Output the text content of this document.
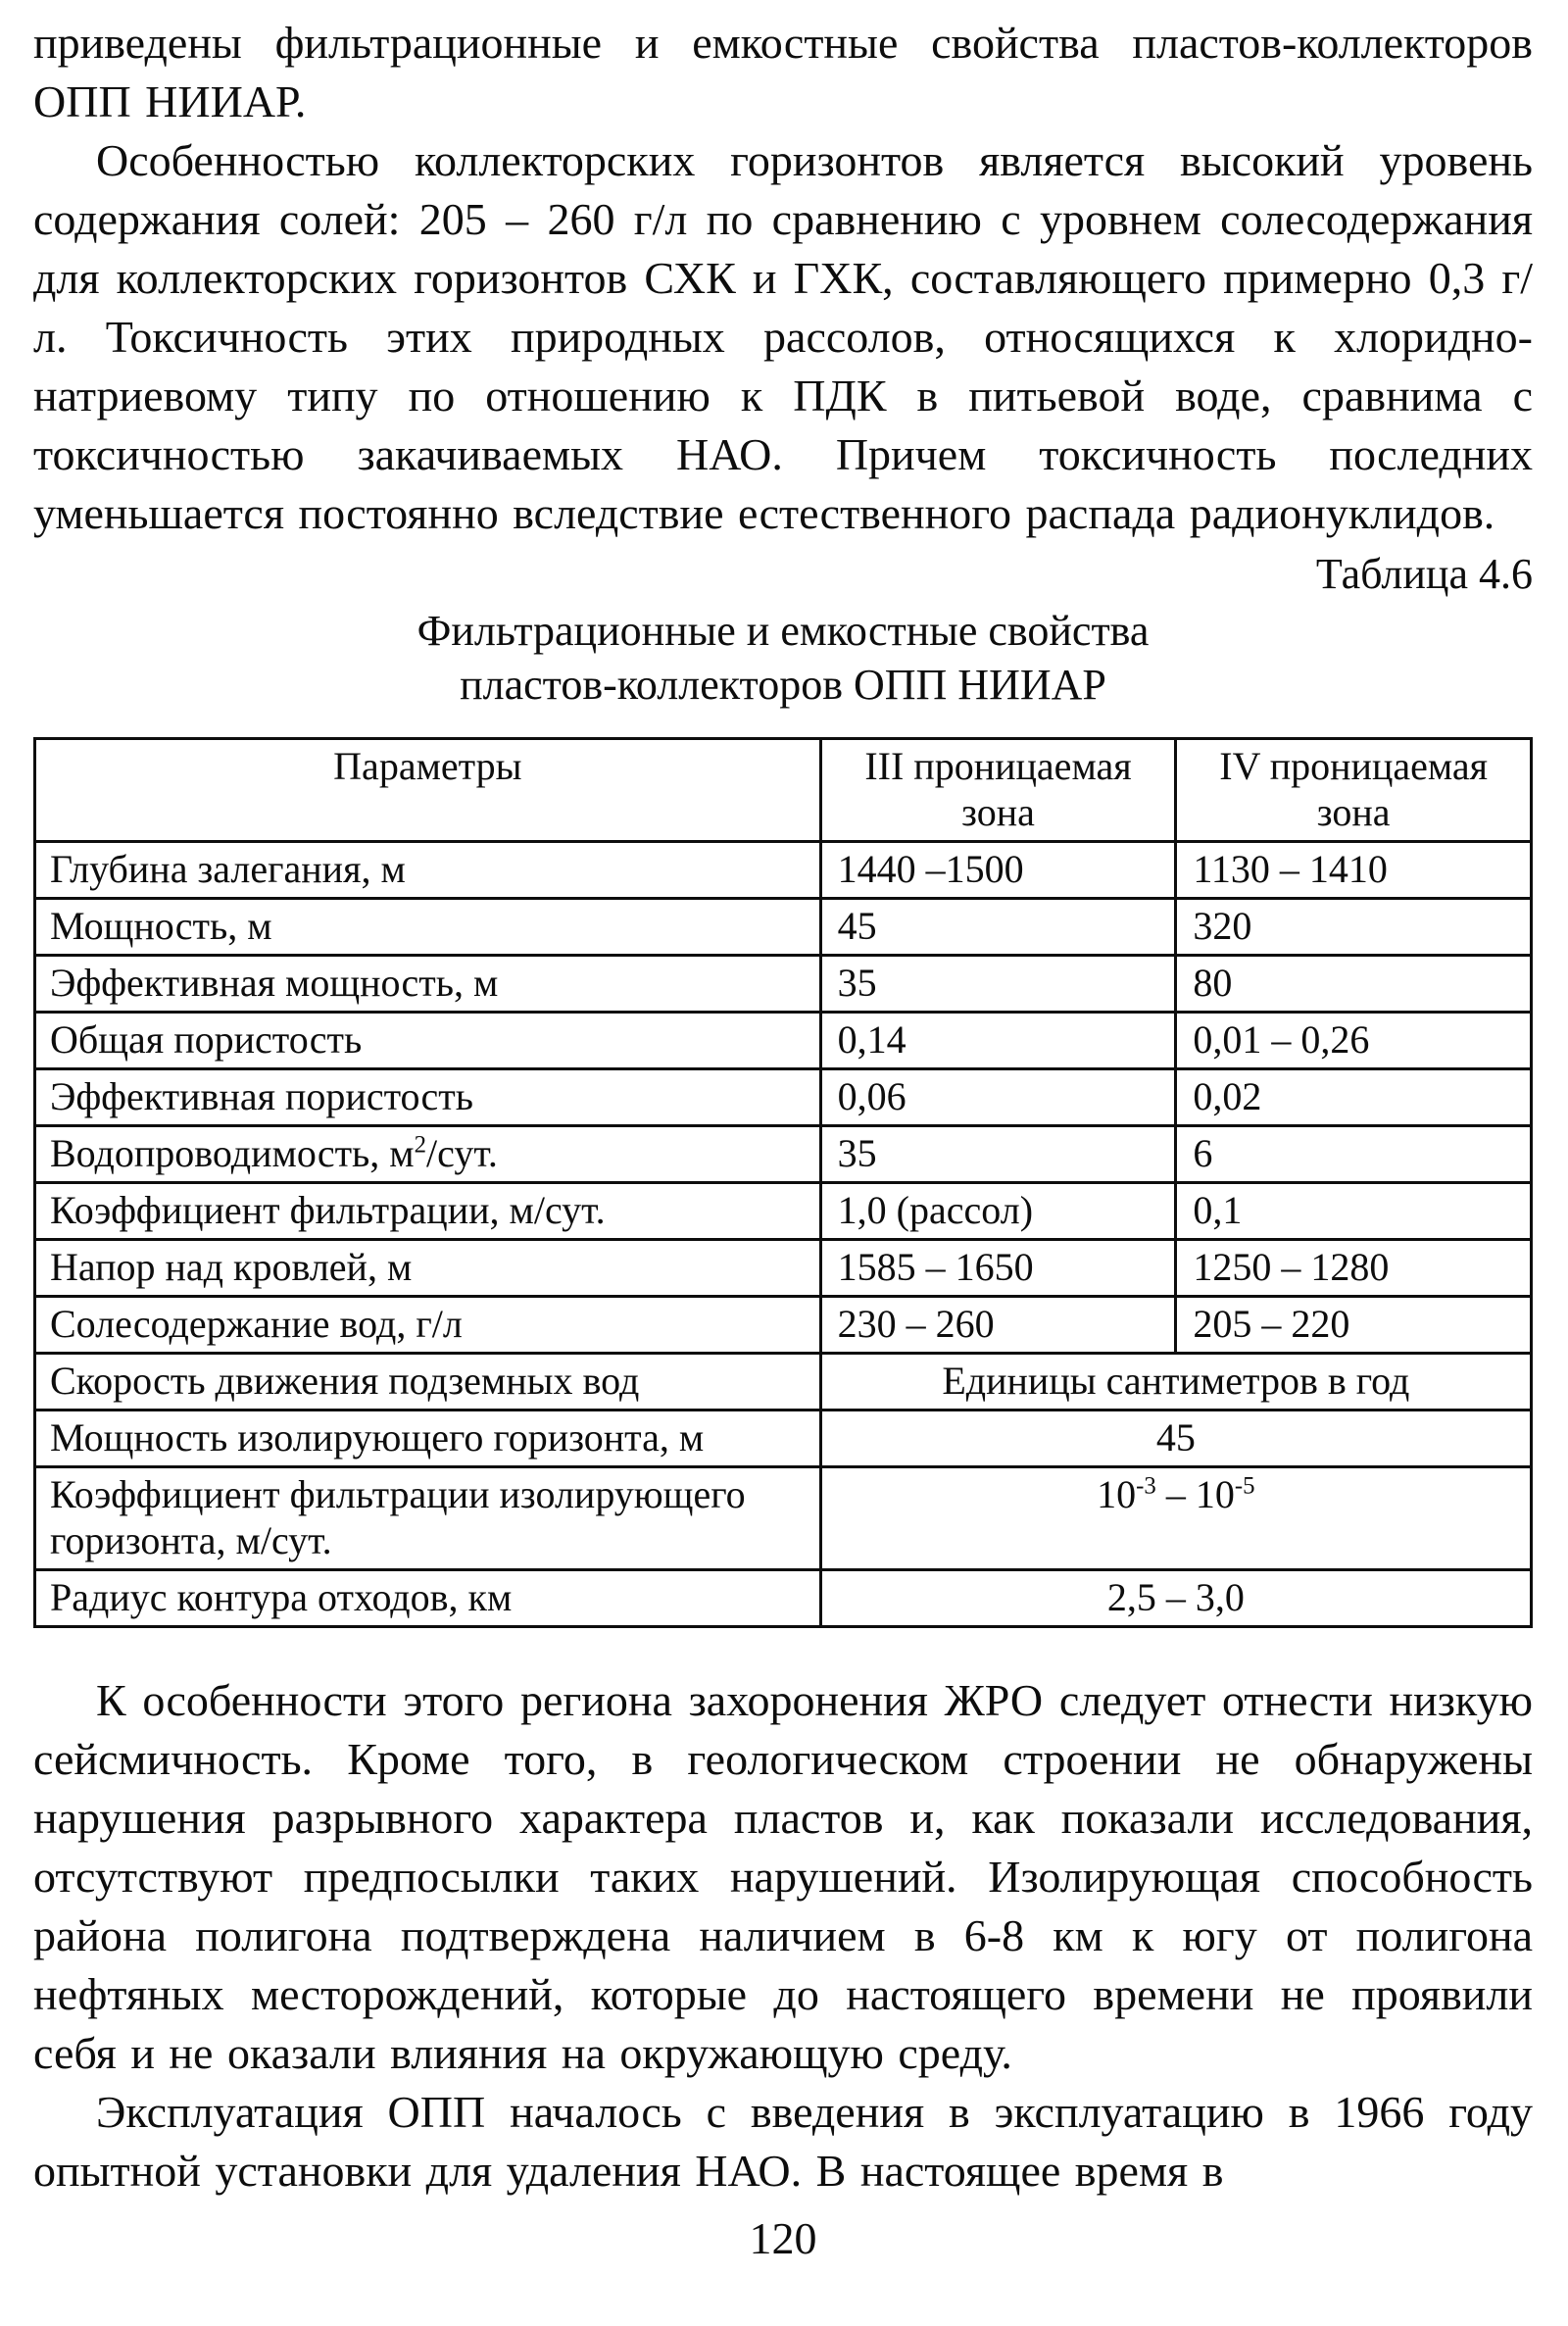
приведены фильтрационные и емкостные свойства пластов-коллекторов ОПП НИИАР.

Особенностью коллекторских горизонтов является высокий уровень содержания солей: 205 – 260 г/л по сравнению с уровнем солесодержания для коллекторских горизонтов СХК и ГХК, составляющего примерно 0,3 г/л. Токсичность этих природных рассолов, относящихся к хлоридно-натриевому типу по отношению к ПДК в питьевой воде, сравнима с токсичностью закачиваемых НАО. Причем токсичность последних уменьшается постоянно вследствие естественного распада радионуклидов.

Таблица 4.6
Фильтрационные и емкостные свойства
пластов-коллекторов ОПП НИИАР
Параметры	III проницаемая зона	IV проницаемая зона
Глубина залегания, м	1440 –1500	1130 – 1410
Мощность, м	45	320
Эффективная мощность, м	35	80
Общая пористость	0,14	0,01 – 0,26
Эффективная пористость	0,06	0,02
Водопроводимость, $м^2$/сут.	35	6
Коэффициент фильтрации, м/сут.	1,0 (рассол)	0,1
Напор над кровлей, м	1585 – 1650	1250 – 1280
Солесодержание вод, г/л	230 – 260	205 – 220
Скорость движения подземных вод	Единицы сантиметров в год	
Мощность изолирующего горизонта, м	45	
Коэффициент фильтрации изолирующего горизонта, м/сут.	$10^{-3} - 10^{-5}$
Радиус контура отходов, км	2,5 – 3,0	

К особенности этого региона захоронения ЖРО следует отнести низкую сейсмичность. Кроме того, в геологическом строении не обнаружены нарушения разрывного характера пластов и, как показали исследования, отсутствуют предпосылки таких нарушений. Изолирующая способность района полигона подтверждена наличием в 6-8 км к югу от полигона нефтяных месторождений, которые до настоящего времени не проявили себя и не оказали влияния на окружающую среду.

Эксплуатация ОПП началось с введения в эксплуатацию в 1966 году опытной установки для удаления НАО. В настоящее время в

120
